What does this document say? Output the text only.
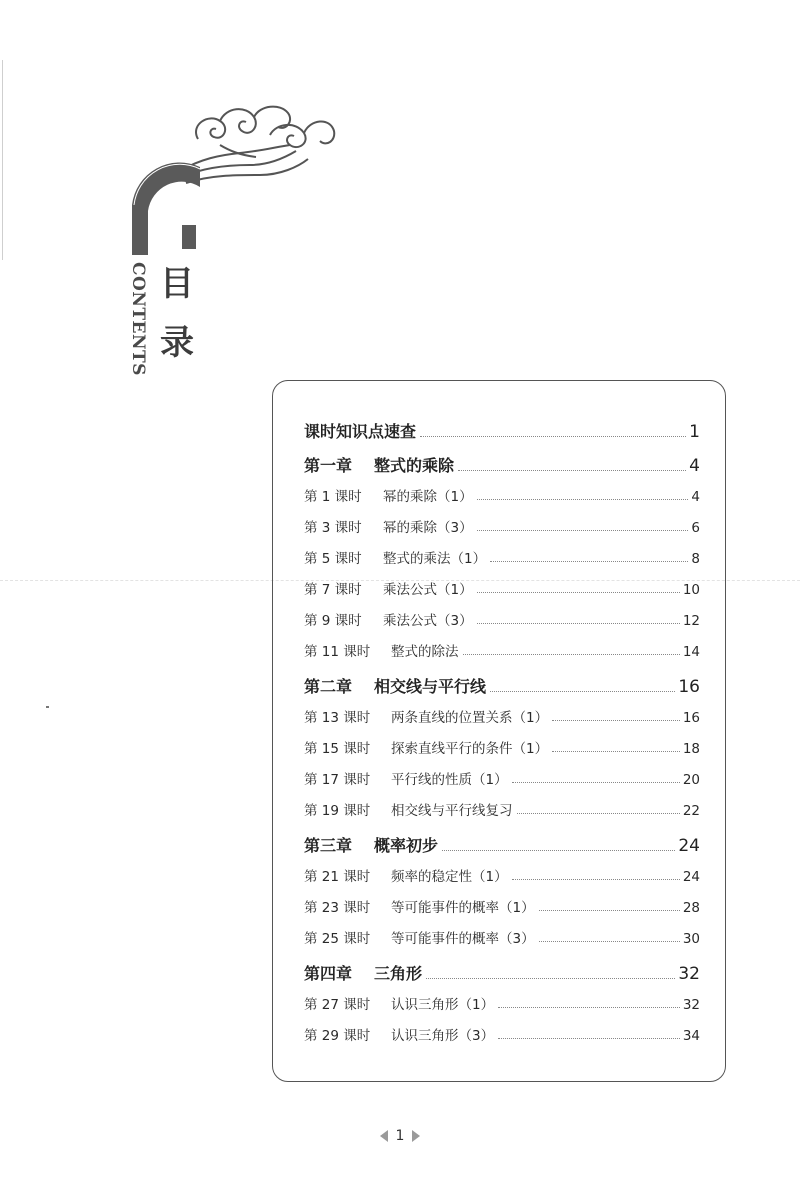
CONTENTS 目
录
课时知识点速查	1
第一章 整式的乘除	4
第 1 课时 幂的乘除（1）	4
第 3 课时 幂的乘除（3）	6
第 5 课时 整式的乘法（1）	8
第 7 课时 乘法公式（1）	10
第 9 课时 乘法公式（3）	12
第 11 课时 整式的除法	14
第二章 相交线与平行线	16
第 13 课时 两条直线的位置关系（1）	16
第 15 课时 探索直线平行的条件（1）	18
第 17 课时 平行线的性质（1）	20
第 19 课时 相交线与平行线复习	22
第三章 概率初步	24
第 21 课时 频率的稳定性（1）	24
第 23 课时 等可能事件的概率（1）	28
第 25 课时 等可能事件的概率（3）	30
第四章 三角形	32
第 27 课时 认识三角形（1）	32
第 29 课时 认识三角形（3）	34
1
